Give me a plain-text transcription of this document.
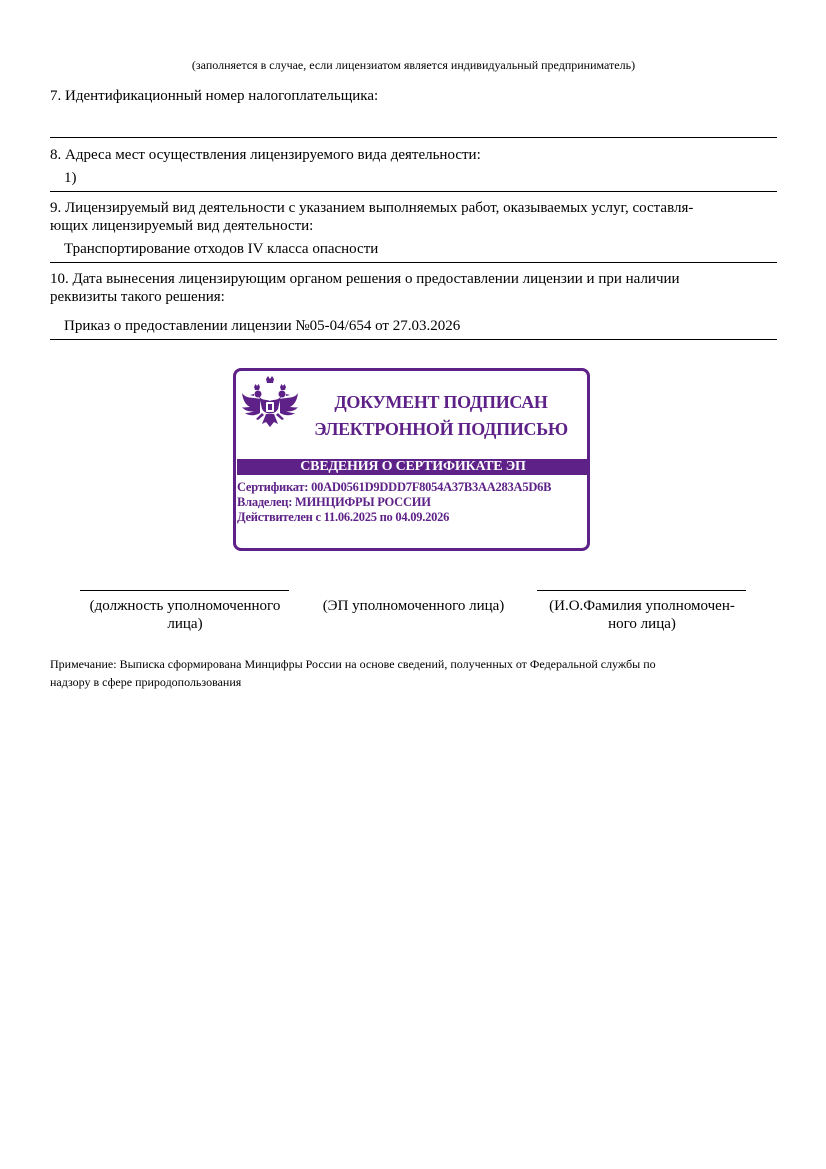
(заполняется в случае, если лицензиатом является индивидуальный предприниматель)
7. Идентификационный номер налогоплательщика:
8. Адреса мест осуществления лицензируемого вида деятельности:
1)
9. Лицензируемый вид деятельности с указанием выполняемых работ, оказываемых услуг, составля-
ющих лицензируемый вид деятельности:
Транспортирование отходов IV класса опасности
10. Дата вынесения лицензирующим органом решения о предоставлении лицензии и при наличии
реквизиты такого решения:
Приказ о предоставлении лицензии №05-04/654 от 27.03.2026
ДОКУМЕНТ ПОДПИСАН
ЭЛЕКТРОННОЙ ПОДПИСЬЮ
СВЕДЕНИЯ О СЕРТИФИКАТЕ ЭП
Сертификат: 00AD0561D9DDD7F8054A37B3AA283A5D6B
Владелец: МИНЦИФРЫ РОССИИ
Действителен с 11.06.2025 по 04.09.2026
(должность уполномоченного
лица)
(ЭП уполномоченного лица)	(И.О.Фамилия уполномочен-
ного лица)
Примечание: Выписка сформирована Минцифры России на основе сведений, полученных от Федеральной службы по
надзору в сфере природопользования
